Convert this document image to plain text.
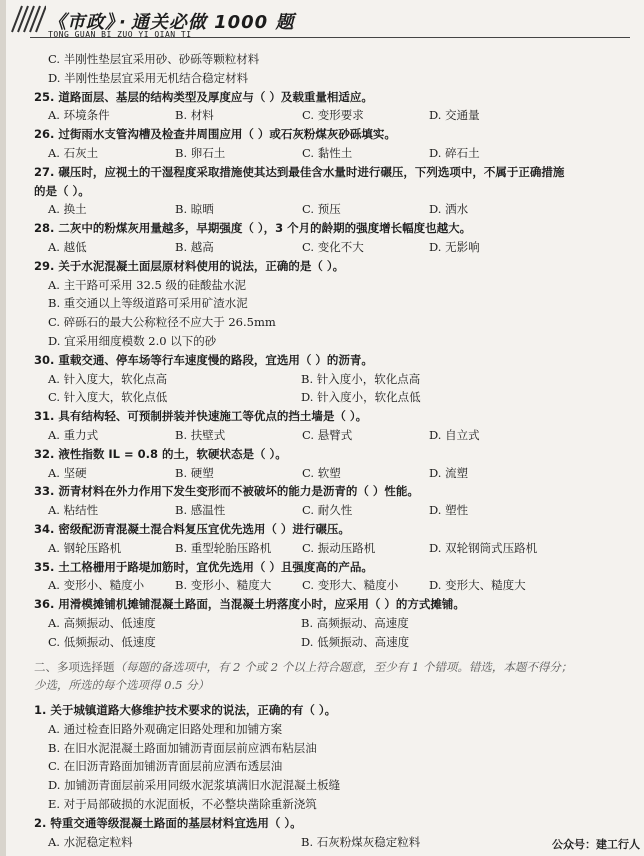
《市政》 · 通关必做 1000 题
TONG GUAN BI ZUO YI QIAN TI
C. 半刚性垫层宜采用砂、砂砾等颗粒材料
D. 半刚性垫层宜采用无机结合稳定材料
25. 道路面层、基层的结构类型及厚度应与（ ）及载重量相适应。
A. 环境条件	B. 材料	C. 变形要求	D. 交通量
26. 过街雨水支管沟槽及检查井周围应用（ ）或石灰粉煤灰砂砾填实。
A. 石灰土	B. 卵石土	C. 黏性土	D. 碎石土
27. 碾压时，应视土的干湿程度采取措施使其达到最佳含水量时进行碾压，下列选项中，不属于正确措施
的是（ ）。
A. 换土	B. 晾晒	C. 预压	D. 洒水
28. 二灰中的粉煤灰用量越多，早期强度（ ），3 个月的龄期的强度增长幅度也越大。
A. 越低	B. 越高	C. 变化不大	D. 无影响
29. 关于水泥混凝土面层原材料使用的说法，正确的是（ ）。
A. 主干路可采用 32.5 级的硅酸盐水泥
B. 重交通以上等级道路可采用矿渣水泥
C. 碎砾石的最大公称粒径不应大于 26.5mm
D. 宜采用细度模数 2.0 以下的砂
30. 重载交通、停车场等行车速度慢的路段，宜选用（ ）的沥青。
A. 针入度大，软化点高	B. 针入度小，软化点高
C. 针入度大，软化点低	D. 针入度小，软化点低
31. 具有结构轻、可预制拼装并快速施工等优点的挡土墙是（ ）。
A. 重力式	B. 扶壁式	C. 悬臂式	D. 自立式
32. 液性指数 IL = 0.8 的土，软硬状态是（ ）。
A. 坚硬	B. 硬塑	C. 软塑	D. 流塑
33. 沥青材料在外力作用下发生变形而不被破坏的能力是沥青的（ ）性能。
A. 粘结性	B. 感温性	C. 耐久性	D. 塑性
34. 密级配沥青混凝土混合料复压宜优先选用（ ）进行碾压。
A. 钢轮压路机	B. 重型轮胎压路机	C. 振动压路机	D. 双轮钢筒式压路机
35. 土工格栅用于路堤加筋时，宜优先选用（ ）且强度高的产品。
A. 变形小、糙度小	B. 变形小、糙度大	C. 变形大、糙度小	D. 变形大、糙度大
36. 用滑模摊铺机摊铺混凝土路面，当混凝土坍落度小时，应采用（ ）的方式摊铺。
A. 高频振动、低速度	B. 高频振动、高速度
C. 低频振动、低速度	D. 低频振动、高速度
二、多项选择题（每题的备选项中，有 2 个或 2 个以上符合题意，至少有 1 个错项。错选，本题不得分；
少选，所选的每个选项得 0.5 分）
1. 关于城镇道路大修维护技术要求的说法，正确的有（ ）。
A. 通过检查旧路外观确定旧路处理和加铺方案
B. 在旧水泥混凝土路面加铺沥青面层前应洒布粘层油
C. 在旧沥青路面加铺沥青面层前应洒布透层油
D. 加铺沥青面层前采用同级水泥浆填满旧水泥混凝土板缝
E. 对于局部破损的水泥面板，不必整块凿除重新浇筑
2. 特重交通等级混凝土路面的基层材料宜选用（ ）。
A. 水泥稳定粒料	B. 石灰粉煤灰稳定粒料	公众号：建工行人
